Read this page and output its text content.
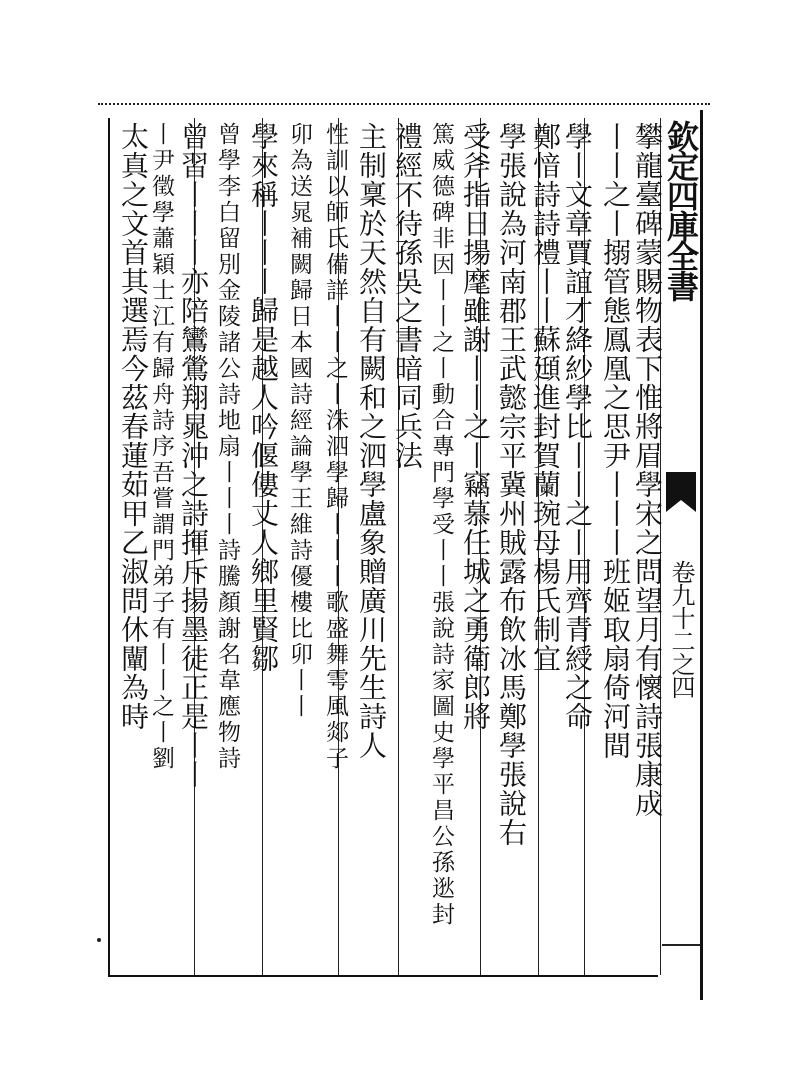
欽定四庫全書
卷九十二之四
攀龍臺碑蒙賜物表下惟將眉學宋之問望月有懷詩張康成
丨丨之丨搦管態鳳凰之思尹丨丨丨班姬取扇倚河間
學丨文章賈誼才絳紗學比丨丨之丨用齊青綬之命
鄭愔詩詩禮丨丨蘇頲進封賀蘭琬母楊氏制宜
學張說為河南郡王武懿宗平冀州賊露布飲冰馬鄭學張說右
受斧指日揚麾雖謝丨丨之丨竊慕任城之勇衛郎將
篤威德碑非因丨丨之丨動合專門學受丨丨張說詩家圖史學平昌公孫逖封
禮經不待孫吳之書暗同兵法
主制稟於天然自有闕和之泗學盧象贈廣川先生詩人
性訓以師氏備詳丨丨之丨洙泗學歸丨丨丨歌盛舞雩風郯子
卯為送晁補闕歸日本國詩經論學王維詩優樓比卯丨丨
學來稱丨丨丨歸是越人吟偃僂丈人鄉里賢鄒
曾學李白留別金陵諸公詩地扇丨丨丨詩騰顏謝名韋應物詩
曾習丨丨丨亦陪鸞鶯翔晁沖之詩揮斥揚墨徒正是丨丨
丨尹徵學蕭穎士江有歸舟詩序吾嘗謂門弟子有丨丨之丨劉
太真之文首其選焉今茲春蓮茹甲乙淑問休闡為時
